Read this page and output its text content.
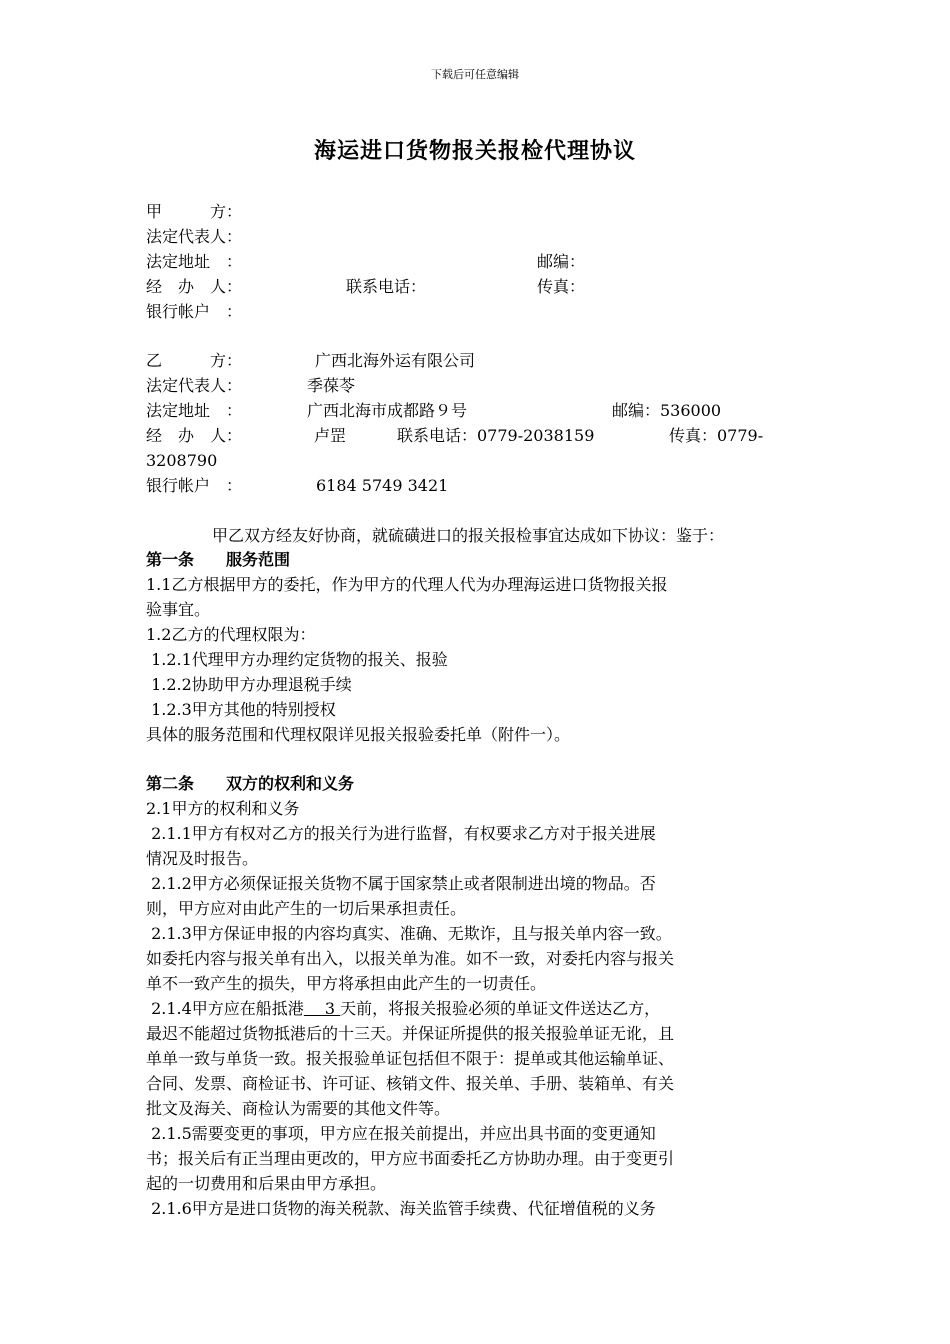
下载后可任意编辑
海运进口货物报关报检代理协议
甲　　　方：
法定代表人：
法定地址　：	邮编：
经　办　人：	联系电话：	传真：
银行帐户　：
乙　　　方：	广西北海外运有限公司
法定代表人：	季葆苓
法定地址　：	广西北海市成都路９号	邮编：536000
经　办　人：	卢罡	联系电话：0779-2038159	传真：0779-
3208790
银行帐户　：	6184 5749 3421
甲乙双方经友好协商，就硫磺进口的报关报检事宜达成如下协议：鉴于：
第一条　　服务范围
1.1乙方根据甲方的委托，作为甲方的代理人代为办理海运进口货物报关报
验事宜。
1.2乙方的代理权限为：
1.2.1代理甲方办理约定货物的报关、报验
1.2.2协助甲方办理退税手续
1.2.3甲方其他的特别授权
具体的服务范围和代理权限详见报关报验委托单（附件一）。
第二条　　双方的权利和义务
2.1甲方的权利和义务
2.1.1甲方有权对乙方的报关行为进行监督，有权要求乙方对于报关进展
情况及时报告。
2.1.2甲方必须保证报关货物不属于国家禁止或者限制进出境的物品。否
则，甲方应对由此产生的一切后果承担责任。
2.1.3甲方保证申报的内容均真实、准确、无欺诈，且与报关单内容一致。
如委托内容与报关单有出入，以报关单为准。如不一致，对委托内容与报关
单不一致产生的损失，甲方将承担由此产生的一切责任。
2.1.4甲方应在船抵港　 3 天前，将报关报验必须的单证文件送达乙方，
最迟不能超过货物抵港后的十三天。并保证所提供的报关报验单证无讹，且
单单一致与单货一致。报关报验单证包括但不限于：提单或其他运输单证、
合同、发票、商检证书、许可证、核销文件、报关单、手册、装箱单、有关
批文及海关、商检认为需要的其他文件等。
2.1.5需要变更的事项，甲方应在报关前提出，并应出具书面的变更通知
书；报关后有正当理由更改的，甲方应书面委托乙方协助办理。由于变更引
起的一切费用和后果由甲方承担。
2.1.6甲方是进口货物的海关税款、海关监管手续费、代征增值税的义务
